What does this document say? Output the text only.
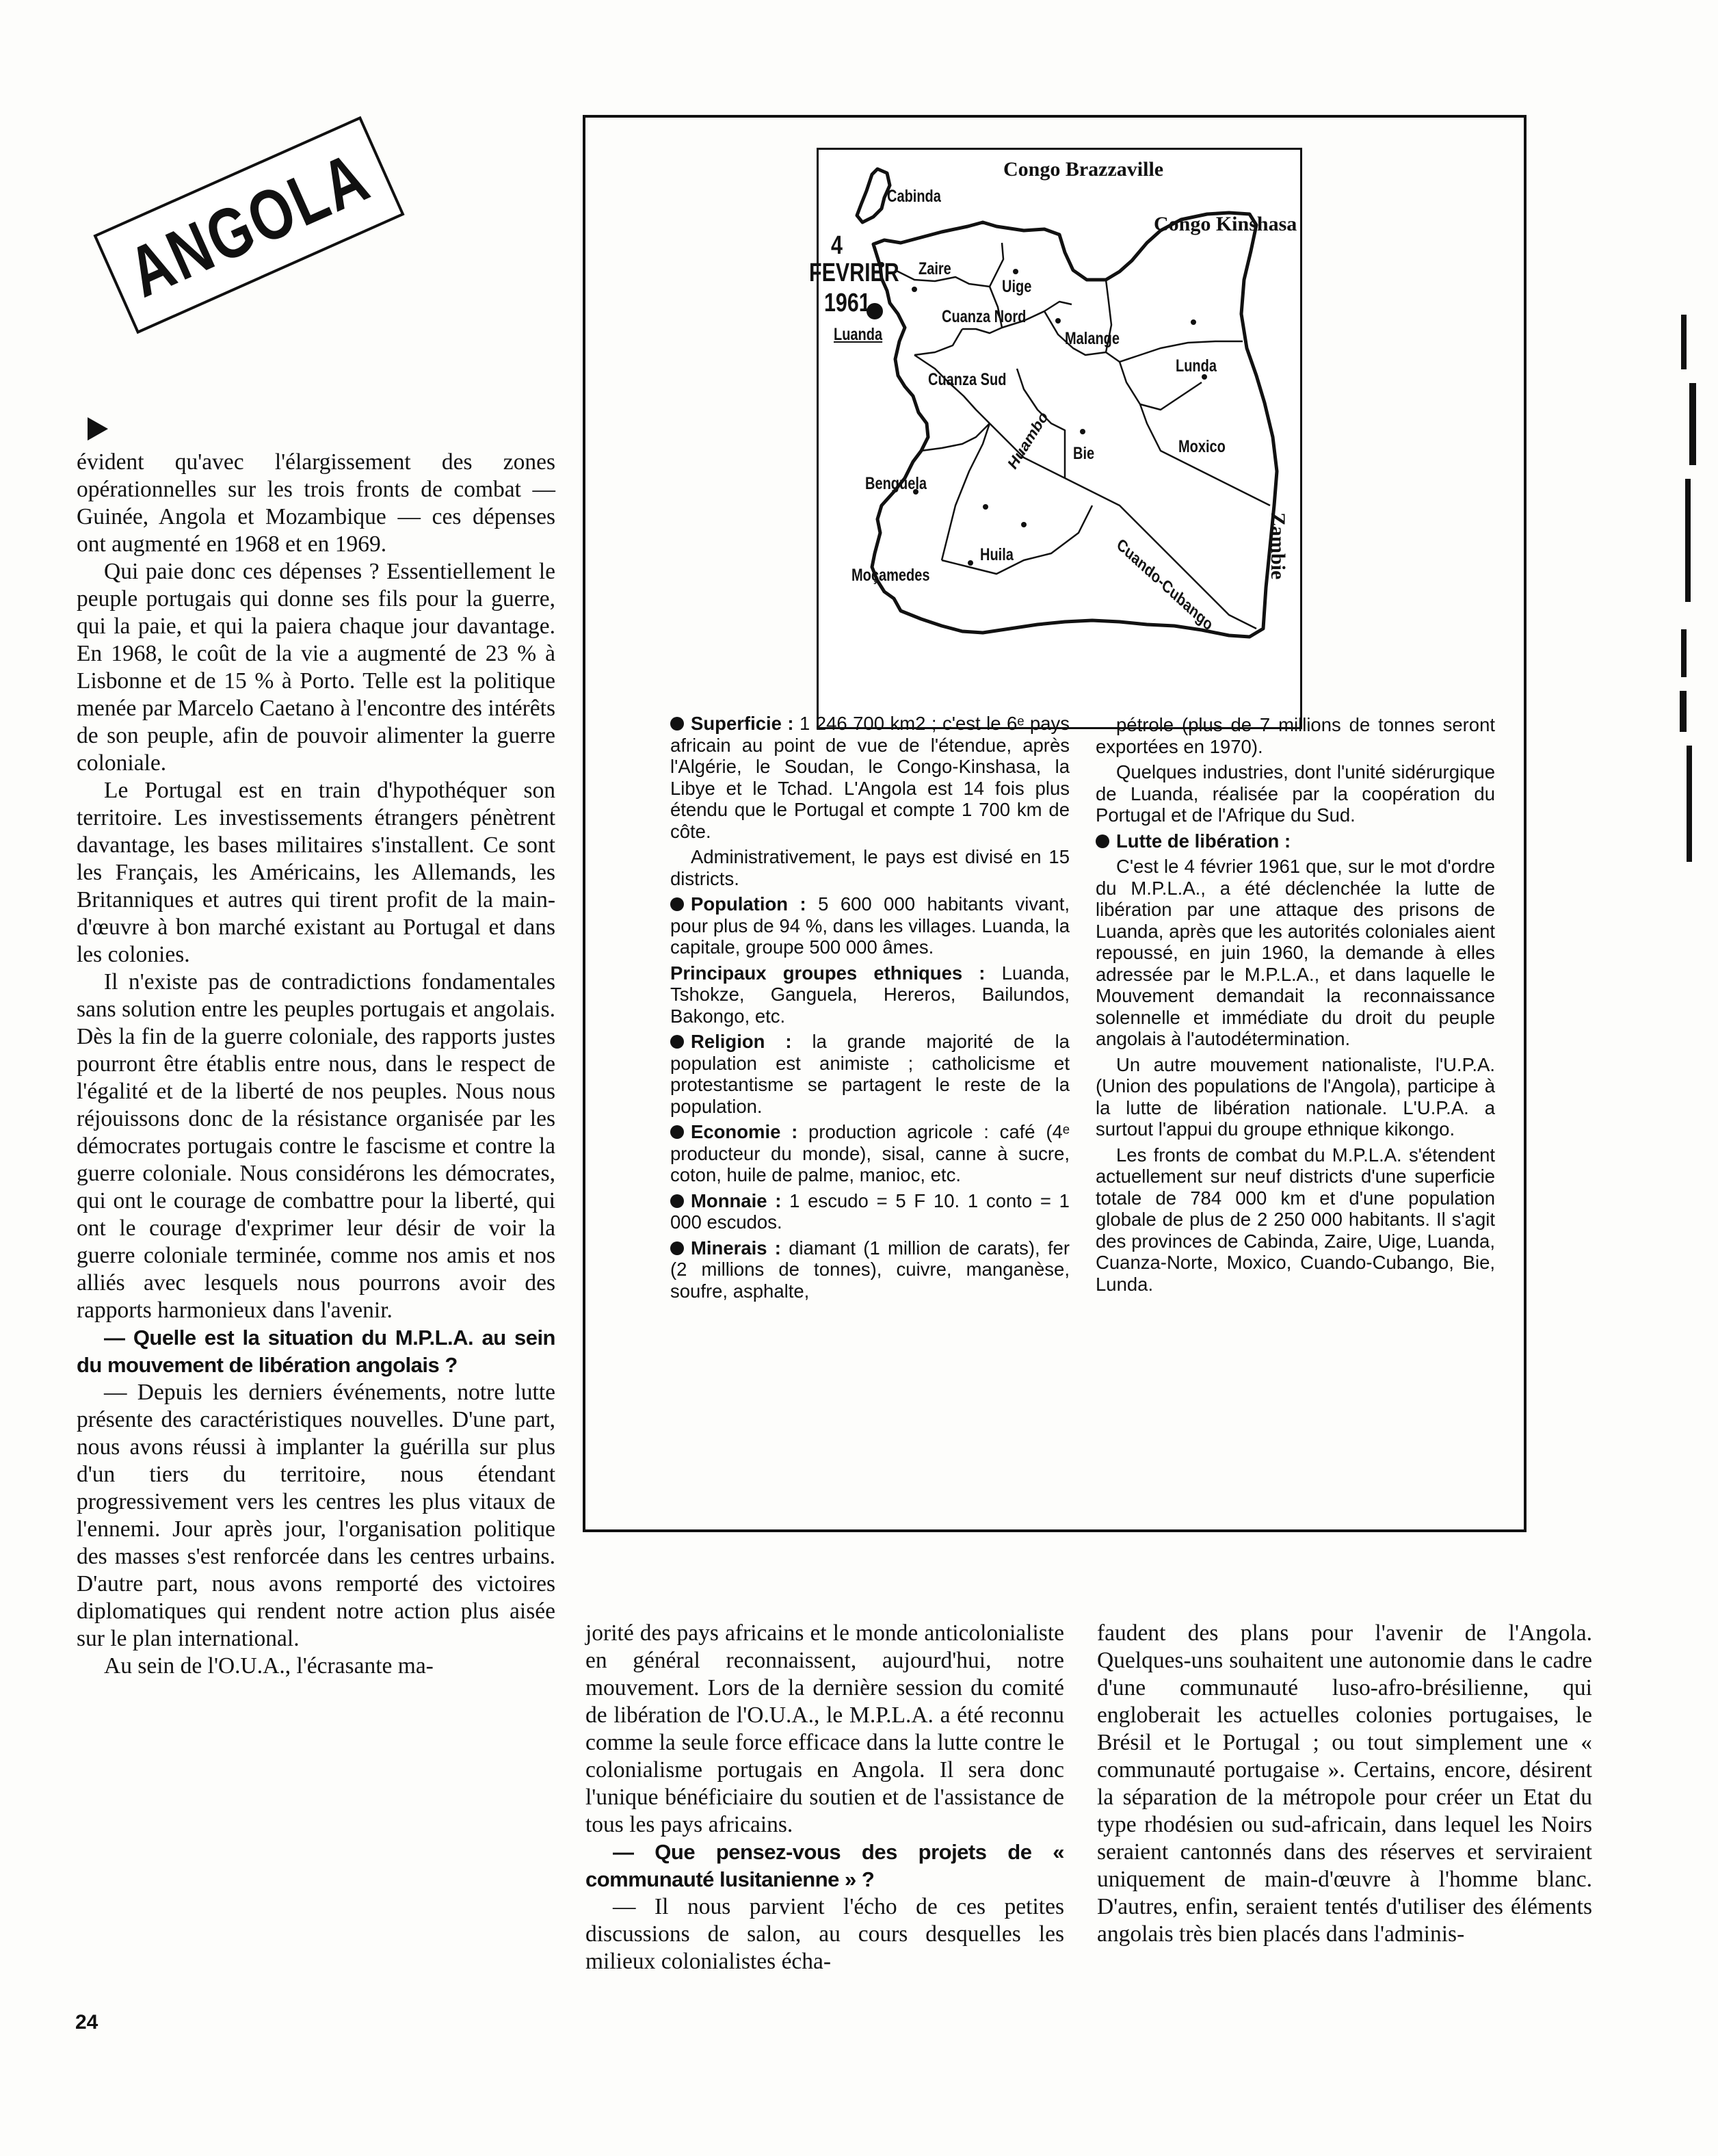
ANGOLA

évident qu'avec l'élargissement des zones opérationnelles sur les trois fronts de combat — Guinée, Angola et Mozambique — ces dépenses ont augmenté en 1968 et en 1969.

Qui paie donc ces dépenses ? Essentiellement le peuple portugais qui donne ses fils pour la guerre, qui la paie, et qui la paiera chaque jour davantage. En 1968, le coût de la vie a augmenté de 23 % à Lisbonne et de 15 % à Porto. Telle est la politique menée par Marcelo Caetano à l'encontre des intérêts de son peuple, afin de pouvoir alimenter la guerre coloniale.

Le Portugal est en train d'hypothéquer son territoire. Les investissements étrangers pénètrent davantage, les bases militaires s'installent. Ce sont les Français, les Américains, les Allemands, les Britanniques et autres qui tirent profit de la main-d'œuvre à bon marché existant au Portugal et dans les colonies.

Il n'existe pas de contradictions fondamentales sans solution entre les peuples portugais et angolais. Dès la fin de la guerre coloniale, des rapports justes pourront être établis entre nous, dans le respect de l'égalité et de la liberté de nos peuples. Nous nous réjouissons donc de la résistance organisée par les démocrates portugais contre le fascisme et contre la guerre coloniale. Nous considérons les démocrates, qui ont le courage de combattre pour la liberté, qui ont le courage d'exprimer leur désir de voir la guerre coloniale terminée, comme nos amis et nos alliés avec lesquels nous pourrons avoir des rapports harmonieux dans l'avenir.

— Quelle est la situation du M.P.L.A. au sein du mouvement de libération angolais ?

— Depuis les derniers événements, notre lutte présente des caractéristiques nouvelles. D'une part, nous avons réussi à implanter la guérilla sur plus d'un tiers du territoire, nous étendant progressivement vers les centres les plus vitaux de l'ennemi. Jour après jour, l'organisation politique des masses s'est renforcée dans les centres urbains. D'autre part, nous avons remporté des victoires diplomatiques qui rendent notre action plus aisée sur le plan international.

Au sein de l'O.U.A., l'écrasante ma-

Congo Brazzaville
Congo Kinshasa
Zambie
4
FEVRIER
1961
Cabinda
Zaire
Uige
Luanda
Cuanza Nord
Malange
Lunda
Cuanza Sud
Huambo Bie	Moxico
Benguela
Huila
Moçamedes	Cuando-Cubango

Superficie : 1 246 700 km2 ; c'est le 6ᵉ pays africain au point de vue de l'étendue, après l'Algérie, le Soudan, le Congo-Kinshasa, la Libye et le Tchad. L'Angola est 14 fois plus étendu que le Portugal et compte 1 700 km de côte.

Administrativement, le pays est divisé en 15 districts.

Population : 5 600 000 habitants vivant, pour plus de 94 %, dans les villages. Luanda, la capitale, groupe 500 000 âmes.

Principaux groupes ethniques : Luanda, Tshokze, Ganguela, Hereros, Bailundos, Bakongo, etc.

Religion : la grande majorité de la population est animiste ; catholicisme et protestantisme se partagent le reste de la population.

Economie : production agricole : café (4ᵉ producteur du monde), sisal, canne à sucre, coton, huile de palme, manioc, etc.

Monnaie : 1 escudo = 5 F 10. 1 conto = 1 000 escudos.

Minerais : diamant (1 million de carats), fer (2 millions de tonnes), cuivre, manganèse, soufre, asphalte,

pétrole (plus de 7 millions de tonnes seront exportées en 1970).

Quelques industries, dont l'unité sidérurgique de Luanda, réalisée par la coopération du Portugal et de l'Afrique du Sud.

Lutte de libération :

C'est le 4 février 1961 que, sur le mot d'ordre du M.P.L.A., a été déclenchée la lutte de libération par une attaque des prisons de Luanda, après que les autorités coloniales aient repoussé, en juin 1960, la demande à elles adressée par le M.P.L.A., et dans laquelle le Mouvement demandait la reconnaissance solennelle et immédiate du droit du peuple angolais à l'autodétermination.

Un autre mouvement nationaliste, l'U.P.A. (Union des populations de l'Angola), participe à la lutte de libération nationale. L'U.P.A. a surtout l'appui du groupe ethnique kikongo.

Les fronts de combat du M.P.L.A. s'étendent actuellement sur neuf districts d'une superficie totale de 784 000 km et d'une population globale de plus de 2 250 000 habitants. Il s'agit des provinces de Cabinda, Zaire, Uige, Luanda, Cuanza-Norte, Moxico, Cuando-Cubango, Bie, Lunda.

jorité des pays africains et le monde anticolonialiste en général reconnaissent, aujourd'hui, notre mouvement. Lors de la dernière session du comité de libération de l'O.U.A., le M.P.L.A. a été reconnu comme la seule force efficace dans la lutte contre le colonialisme portugais en Angola. Il sera donc l'unique bénéficiaire du soutien et de l'assistance de tous les pays africains.

— Que pensez-vous des projets de « communauté lusitanienne » ?

— Il nous parvient l'écho de ces petites discussions de salon, au cours desquelles les milieux colonialistes écha-

faudent des plans pour l'avenir de l'Angola. Quelques-uns souhaitent une autonomie dans le cadre d'une communauté luso-afro-brésilienne, qui engloberait les actuelles colonies portugaises, le Brésil et le Portugal ; ou tout simplement une « communauté portugaise ». Certains, encore, désirent la séparation de la métropole pour créer un Etat du type rhodésien ou sud-africain, dans lequel les Noirs seraient cantonnés dans des réserves et serviraient uniquement de main-d'œuvre à l'homme blanc. D'autres, enfin, seraient tentés d'utiliser des éléments angolais très bien placés dans l'adminis-

24
